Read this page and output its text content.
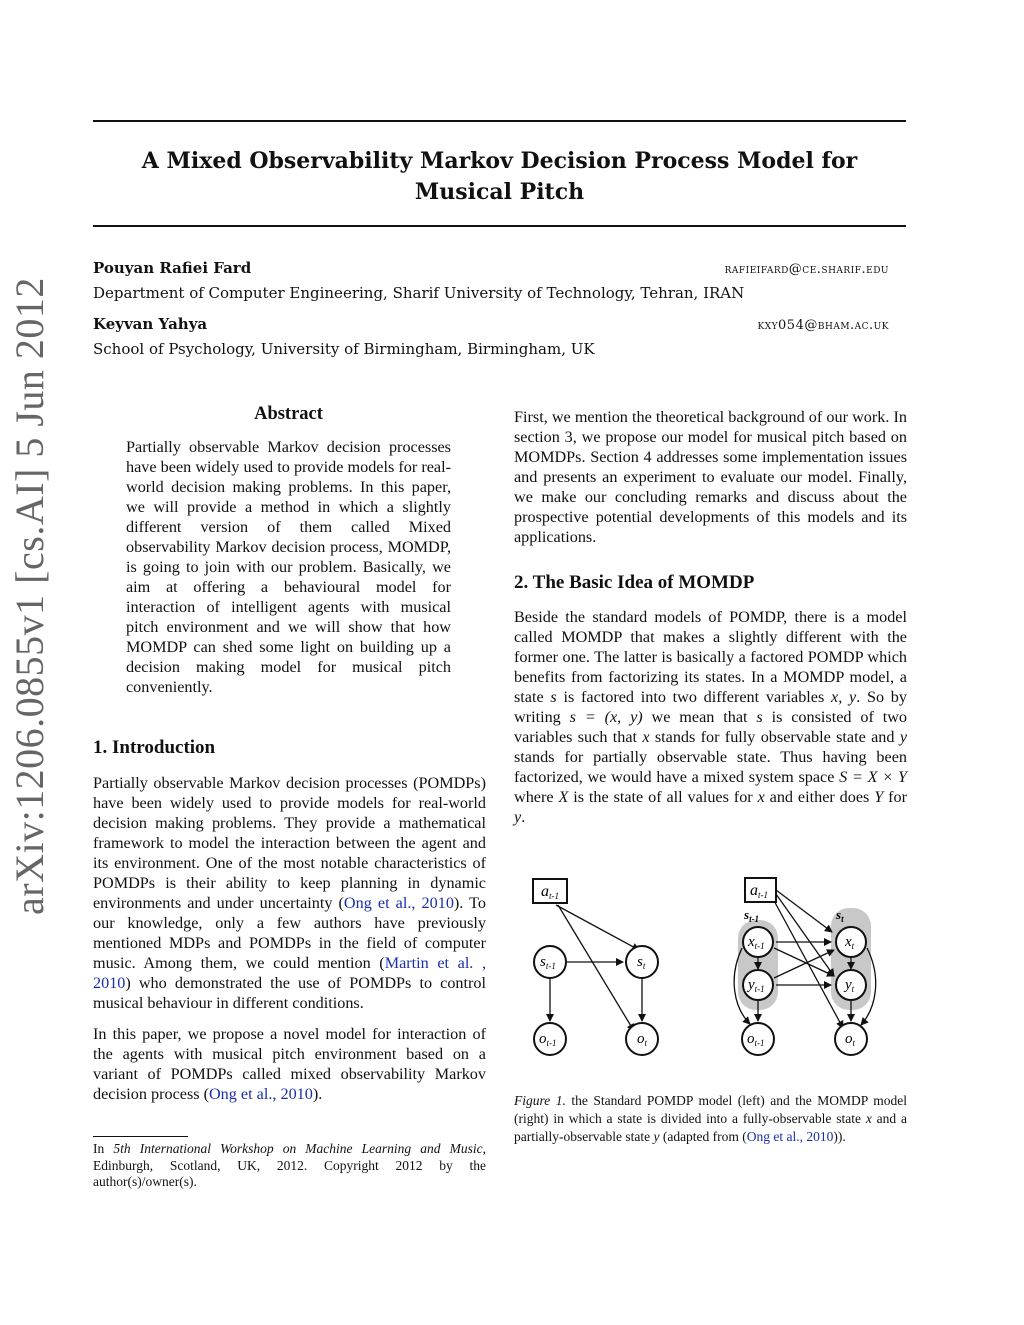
arXiv:1206.0855v1 [cs.AI] 5 Jun 2012
A Mixed Observability Markov Decision Process Model for
Musical Pitch
Pouyan Rafiei Fard	rafieifard@ce.sharif.edu
Department of Computer Engineering, Sharif University of Technology, Tehran, IRAN
Keyvan Yahya	kxy054@bham.ac.uk
School of Psychology, University of Birmingham, Birmingham, UK
Abstract

Partially observable Markov decision processes have been widely used to provide models for real-world decision making problems. In this paper, we will provide a method in which a slightly different version of them called Mixed observability Markov decision process, MOMDP, is going to join with our problem. Basically, we aim at offering a behavioural model for interaction of intelligent agents with musical pitch environment and we will show that how MOMDP can shed some light on building up a decision making model for musical pitch conveniently.

1. Introduction

Partially observable Markov decision processes (POMDPs) have been widely used to provide models for real-world decision making problems. They provide a mathematical framework to model the interaction between the agent and its environment. One of the most notable characteristics of POMDPs is their ability to keep planning in dynamic environments and under uncertainty (Ong et al., 2010). To our knowledge, only a few authors have previously mentioned MDPs and POMDPs in the field of computer music. Among them, we could mention (Martin et al. , 2010) who demonstrated the use of POMDPs to control musical behaviour in different conditions.

In this paper, we propose a novel model for interaction of the agents with musical pitch environment based on a variant of POMDPs called mixed observability Markov decision process (Ong et al., 2010).

In 5th International Workshop on Machine Learning and Music, Edinburgh, Scotland, UK, 2012. Copyright 2012 by the author(s)/owner(s).

First, we mention the theoretical background of our work. In section 3, we propose our model for musical pitch based on MOMDPs. Section 4 addresses some implementation issues and presents an experiment to evaluate our model. Finally, we make our concluding remarks and discuss about the prospective potential developments of this models and its applications.

2. The Basic Idea of MOMDP

Beside the standard models of POMDP, there is a model called MOMDP that makes a slightly different with the former one. The latter is basically a factored POMDP which benefits from factorizing its states. In a MOMDP model, a state s is factored into two different variables x, y. So by writing s = (x, y) we mean that s is consisted of two variables such that x stands for fully observable state and y stands for partially observable state. Thus having been factorized, we would have a mixed system space S = X × Y where X is the state of all values for x and either does Y for y.

at-1
$s_{t-1}$	$s_t$
$o_{t-1}$	$o_t$
at-1
$s_{t-1}$	$s_t$
$x_{t-1}$	$x_t$
$y_{t-1}$	$y_t$
$o_{t-1}$	$o_t$
Figure 1. the Standard POMDP model (left) and the MOMDP model (right) in which a state is divided into a fully-observable state x and a partially-observable state y (adapted from (Ong et al., 2010)).
